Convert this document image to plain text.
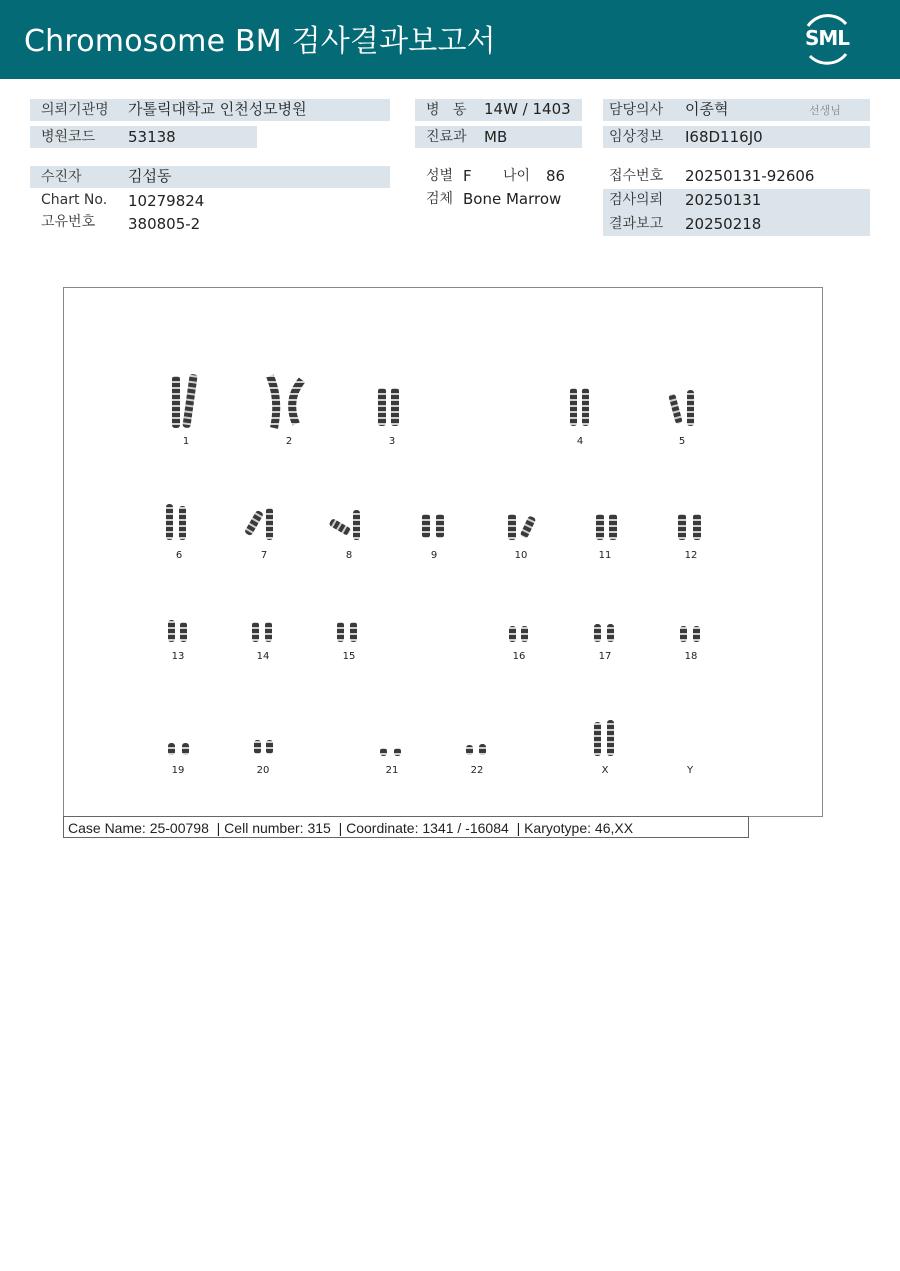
Chromosome BM 검사결과보고서	SML
의뢰기관명 가톨릭대학교 인천성모병원
병원코드 53138
수진자	김섭동
Chart No. 10279824
고유번호 380805-2
병   동 14W / 1403
진료과 MB
성별 F 나이 86
검체 Bone Marrow
담당의사 이종혁	선생님
임상정보 I68D116J0
접수번호 20250131-92606
검사의뢰 20250131
결과보고 20250218
1	2	3	4	5
6	7	8	9	10	11	12
13	14	15	16	17	18
19	20	21	22	X	Y
Case Name: 25-00798 | Cell number: 315 | Coordinate: 1341 / -16084 | Karyotype: 46,XX
